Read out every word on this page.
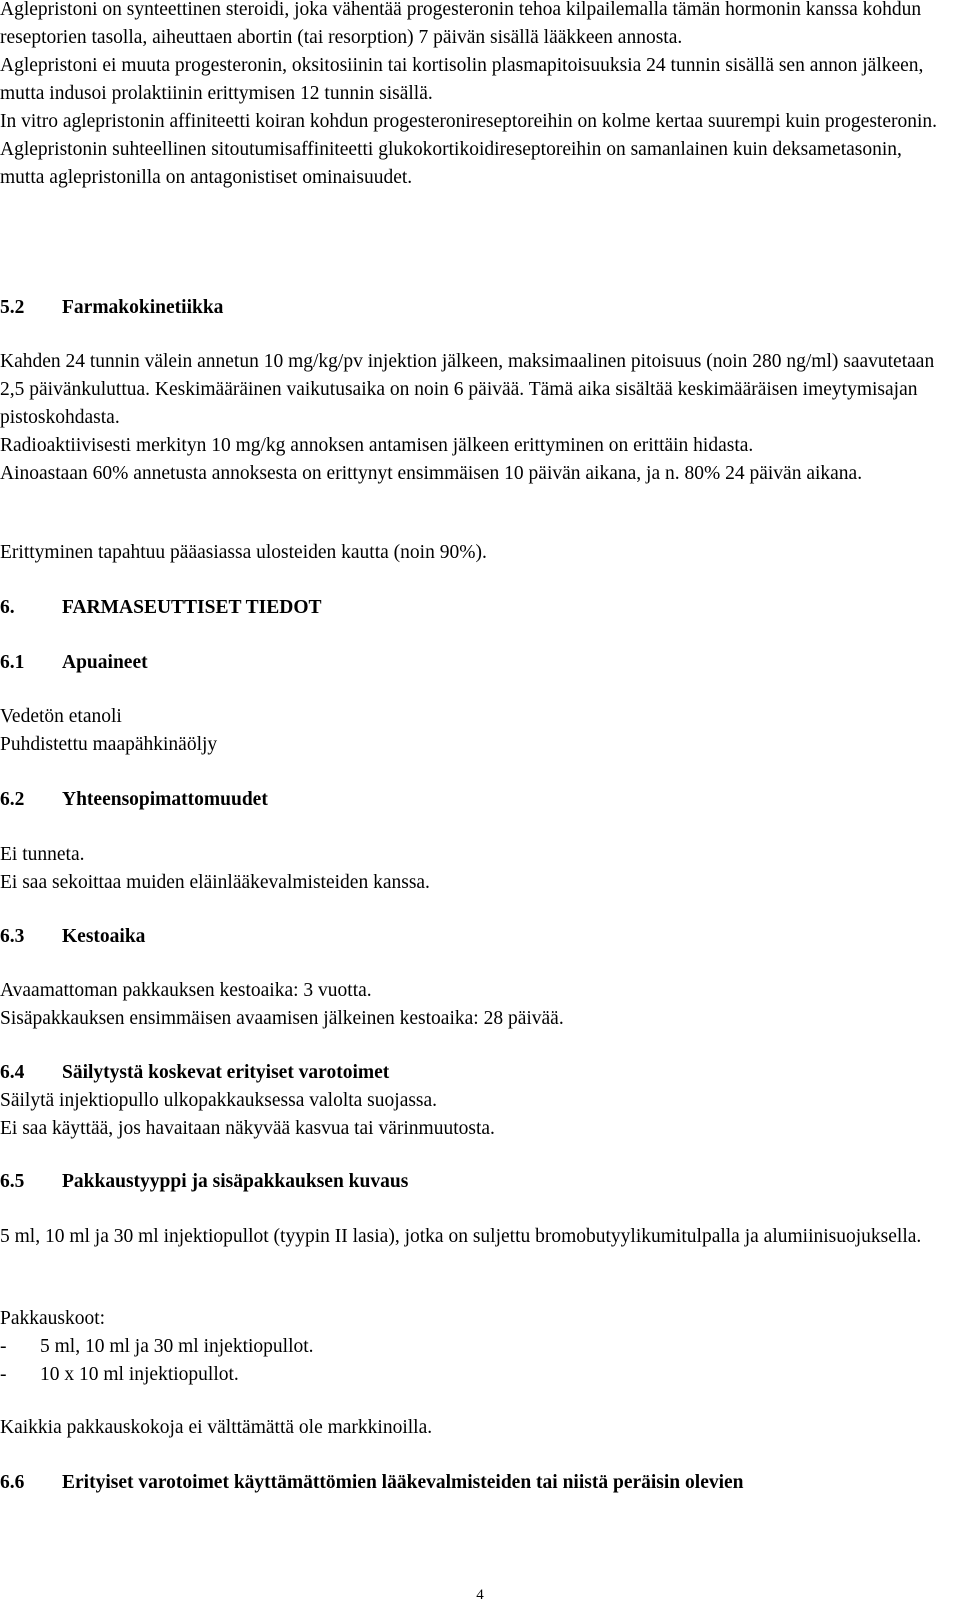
Aglepristoni on synteettinen steroidi, joka vähentää progesteronin tehoa kilpailemalla tämän hormonin kanssa kohdun reseptorien tasolla, aiheuttaen abortin (tai resorption) 7 päivän sisällä lääkkeen annosta.

Aglepristoni ei muuta progesteronin, oksitosiinin tai kortisolin plasmapitoisuuksia 24 tunnin sisällä sen annon jälkeen, mutta indusoi prolaktiinin erittymisen 12 tunnin sisällä.

In vitro aglepristonin affiniteetti koiran kohdun progesteronireseptoreihin on kolme kertaa suurempi kuin progesteronin.

Aglepristonin suhteellinen sitoutumisaffiniteetti glukokortikoidireseptoreihin on samanlainen kuin deksametasonin, mutta aglepristonilla on antagonistiset ominaisuudet.

5.2 Farmakokinetiikka

Kahden 24 tunnin välein annetun 10 mg/kg/pv injektion jälkeen, maksimaalinen pitoisuus (noin 280 ng/ml) saavutetaan 2,5 päivänkuluttua. Keskimääräinen vaikutusaika on noin 6 päivää. Tämä aika sisältää keskimääräisen imeytymisajan pistoskohdasta.

Radioaktiivisesti merkityn 10 mg/kg annoksen antamisen jälkeen erittyminen on erittäin hidasta.

Ainoastaan 60% annetusta annoksesta on erittynyt ensimmäisen 10 päivän aikana, ja n. 80% 24 päivän aikana.

Erittyminen tapahtuu pääasiassa ulosteiden kautta (noin 90%).

6. FARMASEUTTISET TIEDOT
6.1 Apuaineet

Vedetön etanoli

Puhdistettu maapähkinäöljy

6.2 Yhteensopimattomuudet

Ei tunneta.

Ei saa sekoittaa muiden eläinlääkevalmisteiden kanssa.

6.3 Kestoaika

Avaamattoman pakkauksen kestoaika: 3 vuotta.

Sisäpakkauksen ensimmäisen avaamisen jälkeinen kestoaika: 28 päivää.

6.4 Säilytystä koskevat erityiset varotoimet

Säilytä injektiopullo ulkopakkauksessa valolta suojassa.

Ei saa käyttää, jos havaitaan näkyvää kasvua tai värinmuutosta.

6.5 Pakkaustyyppi ja sisäpakkauksen kuvaus

5 ml, 10 ml ja 30 ml injektiopullot (tyypin II lasia), jotka on suljettu bromobutyylikumitulpalla ja alumiinisuojuksella.

Pakkauskoot:

-	5 ml, 10 ml ja 30 ml injektiopullot.
-	10 x 10 ml injektiopullot.

Kaikkia pakkauskokoja ei välttämättä ole markkinoilla.

6.6 Erityiset varotoimet käyttämättömien lääkevalmisteiden tai niistä peräisin olevien
4
